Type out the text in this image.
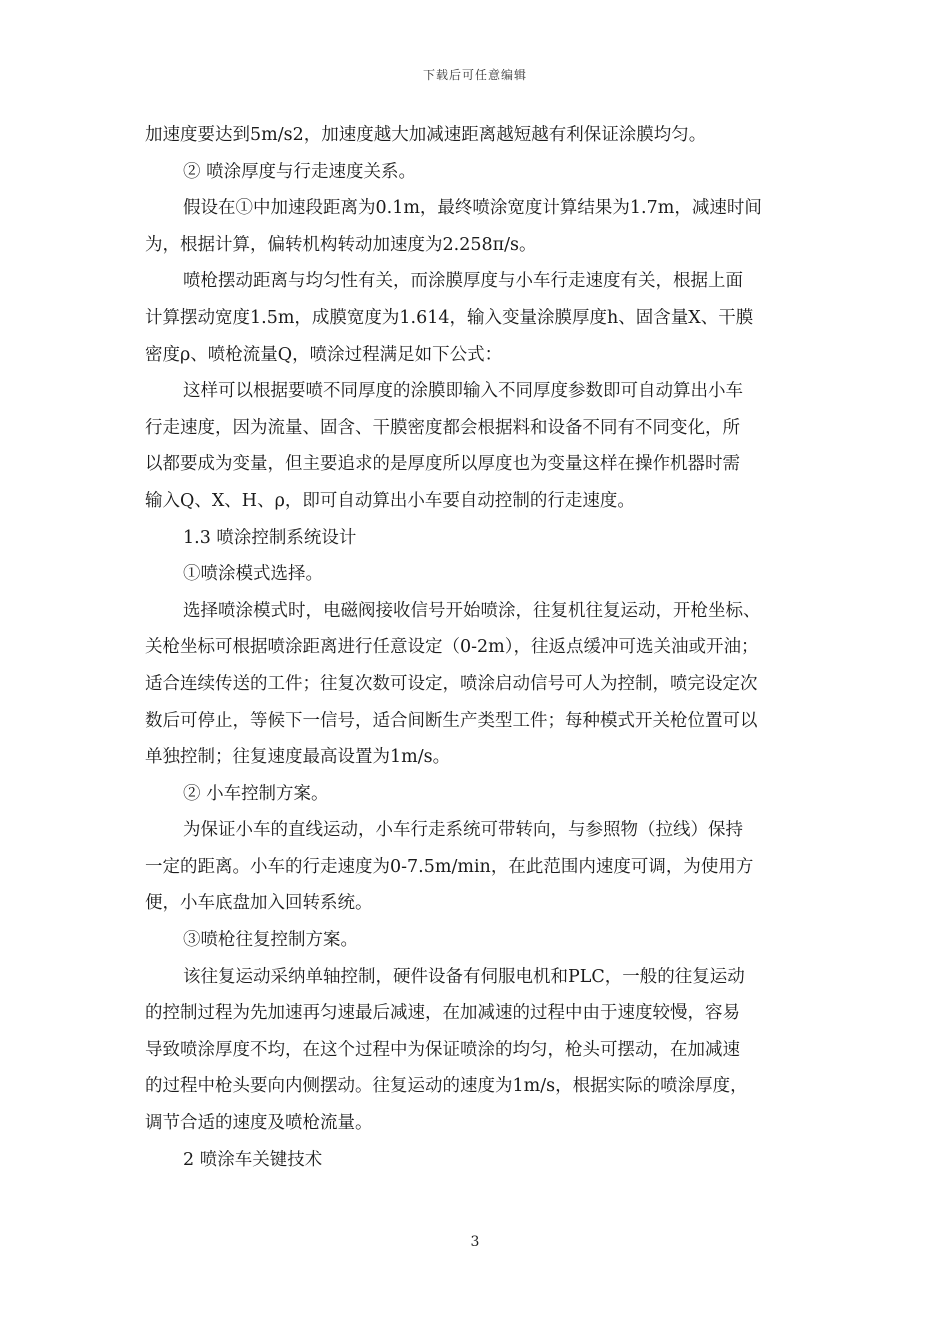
下载后可任意编辑
加速度要达到5m/s2，加速度越大加减速距离越短越有利保证涂膜均匀。
② 喷涂厚度与行走速度关系。
假设在①中加速段距离为0.1m，最终喷涂宽度计算结果为1.7m，减速时间
为，根据计算，偏转机构转动加速度为2.258π/s。
喷枪摆动距离与均匀性有关，而涂膜厚度与小车行走速度有关，根据上面
计算摆动宽度1.5m，成膜宽度为1.614，输入变量涂膜厚度h、固含量X、干膜
密度ρ、喷枪流量Q，喷涂过程满足如下公式：
这样可以根据要喷不同厚度的涂膜即输入不同厚度参数即可自动算出小车
行走速度，因为流量、固含、干膜密度都会根据料和设备不同有不同变化，所
以都要成为变量，但主要追求的是厚度所以厚度也为变量这样在操作机器时需
输入Q、X、H、ρ，即可自动算出小车要自动控制的行走速度。
1.3 喷涂控制系统设计
①喷涂模式选择。
选择喷涂模式时，电磁阀接收信号开始喷涂，往复机往复运动，开枪坐标、
关枪坐标可根据喷涂距离进行任意设定（0-2m），往返点缓冲可选关油或开油；
适合连续传送的工件；往复次数可设定，喷涂启动信号可人为控制，喷完设定次
数后可停止，等候下一信号，适合间断生产类型工件；每种模式开关枪位置可以
单独控制；往复速度最高设置为1m/s。
② 小车控制方案。
为保证小车的直线运动，小车行走系统可带转向，与参照物（拉线）保持
一定的距离。小车的行走速度为0-7.5m/min，在此范围内速度可调，为使用方
便，小车底盘加入回转系统。
③喷枪往复控制方案。
该往复运动采纳单轴控制，硬件设备有伺服电机和PLC，一般的往复运动
的控制过程为先加速再匀速最后减速，在加减速的过程中由于速度较慢，容易
导致喷涂厚度不均，在这个过程中为保证喷涂的均匀，枪头可摆动，在加减速
的过程中枪头要向内侧摆动。往复运动的速度为1m/s，根据实际的喷涂厚度，
调节合适的速度及喷枪流量。
2 喷涂车关键技术
3
